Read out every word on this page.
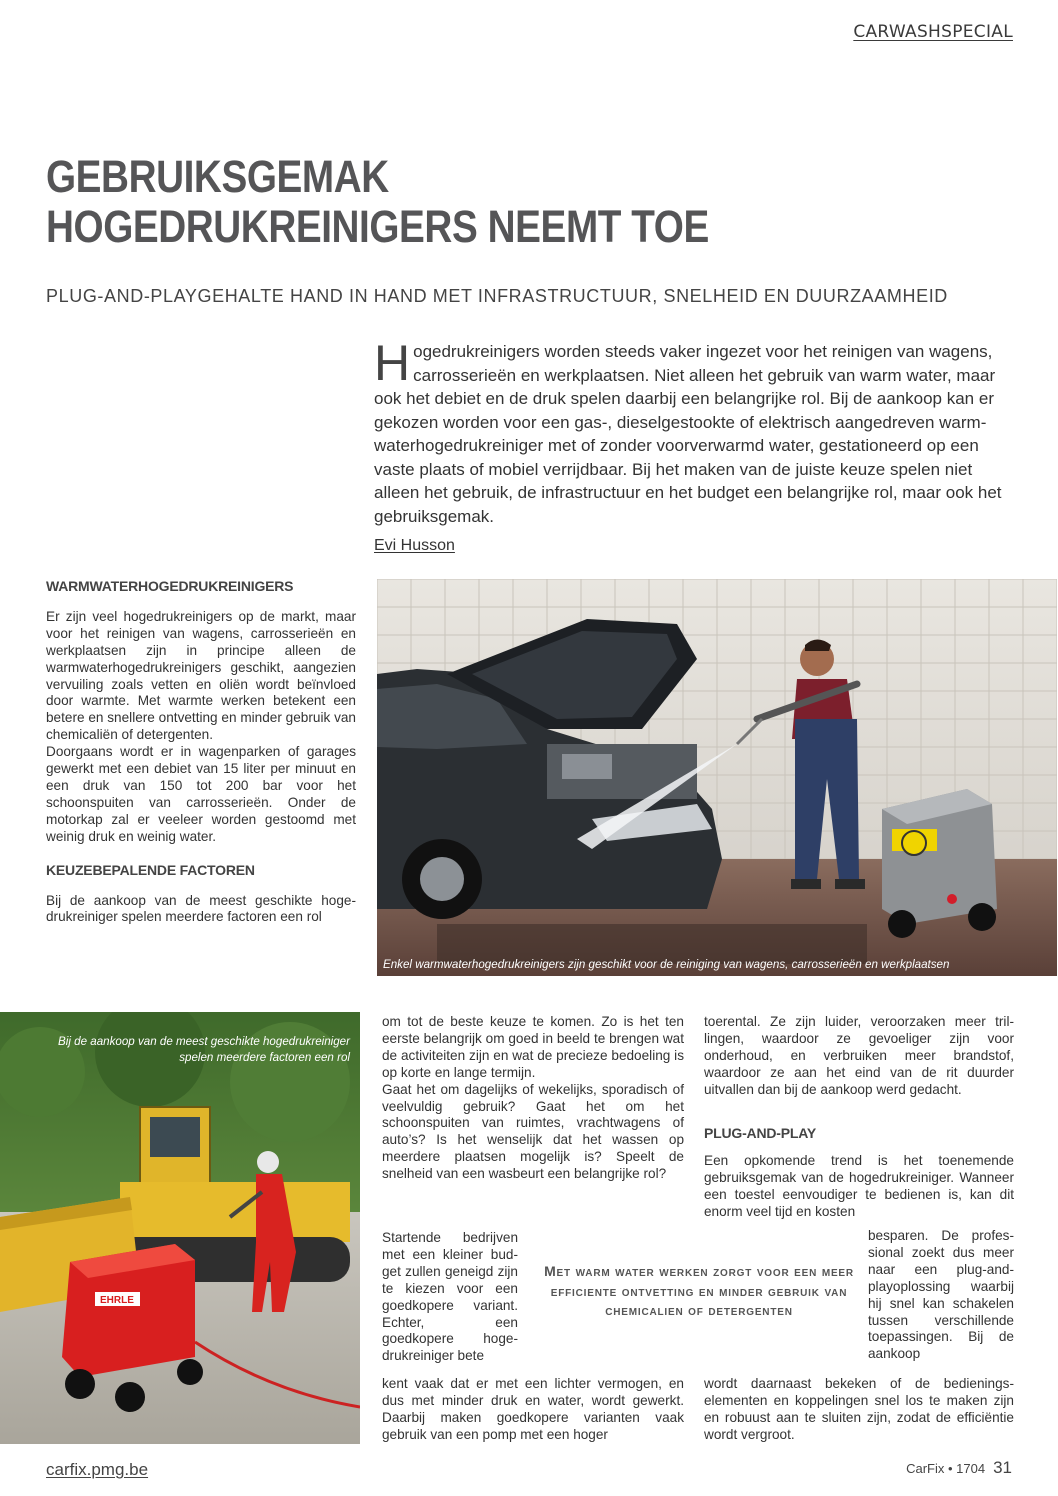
CARWASHSPECIAL
GEBRUIKSGEMAK
HOGEDRUKREINIGERS NEEMT TOE
PLUG-AND-PLAYGEHALTE HAND IN HAND MET INFRASTRUCTUUR, SNELHEID EN DUURZAAMHEID
Hogedrukreinigers worden steeds vaker ingezet voor het reinigen van wagens, carrosserieën en werkplaatsen. Niet alleen het gebruik van warm water, maar ook het debiet en de druk spelen daarbij een belangrijke rol. Bij de aankoop kan er gekozen worden voor een gas-, dieselgestookte of elektrisch aangedreven warm- waterhogedrukreiniger met of zonder voorverwarmd water, gestationeerd op een vaste plaats of mobiel verrijdbaar. Bij het maken van de juiste keuze spelen niet alleen het gebruik, de infrastructuur en het budget een belangrijke rol, maar ook het gebruiksgemak.
Evi Husson
WARMWATERHOGEDRUKREINIGERS

Er zijn veel hogedrukreinigers op de markt, maar voor het reinigen van wagens, carrosserieën en werkplaatsen zijn in principe alleen de warmwaterhogedrukreinigers geschikt, aangezien vervuiling zoals vetten en oliën wordt beïnvloed door warmte. Met warmte werken betekent een betere en snellere ontvetting en minder gebruik van chemicaliën of detergenten.

Doorgaans wordt er in wagenparken of garages gewerkt met een debiet van 15 liter per minuut en een druk van 150 tot 200 bar voor het schoonspuiten van carrosserieën. Onder de motorkap zal er veeleer worden gestoomd met weinig druk en weinig water.

KEUZEBEPALENDE FACTOREN

Bij de aankoop van de meest geschikte hogedrukreiniger spelen meerdere factoren een rol

Enkel warmwaterhogedrukreinigers zijn geschikt voor de reiniging van wagens, carrosserieën en werkplaatsen
EHRLE
Bij de aankoop van de meest geschikte hogedrukreiniger spelen meerdere factoren een rol

om tot de beste keuze te komen. Zo is het ten eerste belangrijk om goed in beeld te brengen wat de activiteiten zijn en wat de precieze bedoeling is op korte en lange termijn.

Gaat het om dagelijks of wekelijks, sporadisch of veelvuldig gebruik? Gaat het om het schoonspuiten van ruimtes, vrachtwagens of auto’s? Is het wenselijk dat het wassen op meerdere plaatsen mogelijk is? Speelt de snelheid van een wasbeurt een belangrijke rol?

Startende bedrijven met een kleiner budget zullen geneigd zijn te kiezen voor een goedkopere variant. Echter, een goedkopere hogedrukreiniger bete

kent vaak dat er met een lichter vermogen, en dus met minder druk en water, wordt gewerkt. Daarbij maken goedkopere varianten vaak gebruik van een pomp met een hoger

toerental. Ze zijn luider, veroorzaken meer trillingen, waardoor ze gevoeliger zijn voor onderhoud, en verbruiken meer brandstof, waardoor ze aan het eind van de rit duurder uitvallen dan bij de aankoop werd gedacht.

PLUG-AND-PLAY

Een opkomende trend is het toenemende gebruiksgemak van de hogedrukreiniger. Wanneer een toestel eenvoudiger te bedienen is, kan dit enorm veel tijd en kosten

besparen. De professional zoekt dus meer naar een plug-and-playoplossing waarbij hij snel kan schakelen tussen verschillende toepassingen. Bij de aankoop

wordt daarnaast bekeken of de bedieningselementen en koppelingen snel los te maken zijn en robuust aan te sluiten zijn, zodat de efficiëntie wordt vergroot.

Met warm water werken zorgt voor een meer efficiente ontvetting en minder gebruik van chemicalien of detergenten
carfix.pmg.be	CarFix • 1704 31
